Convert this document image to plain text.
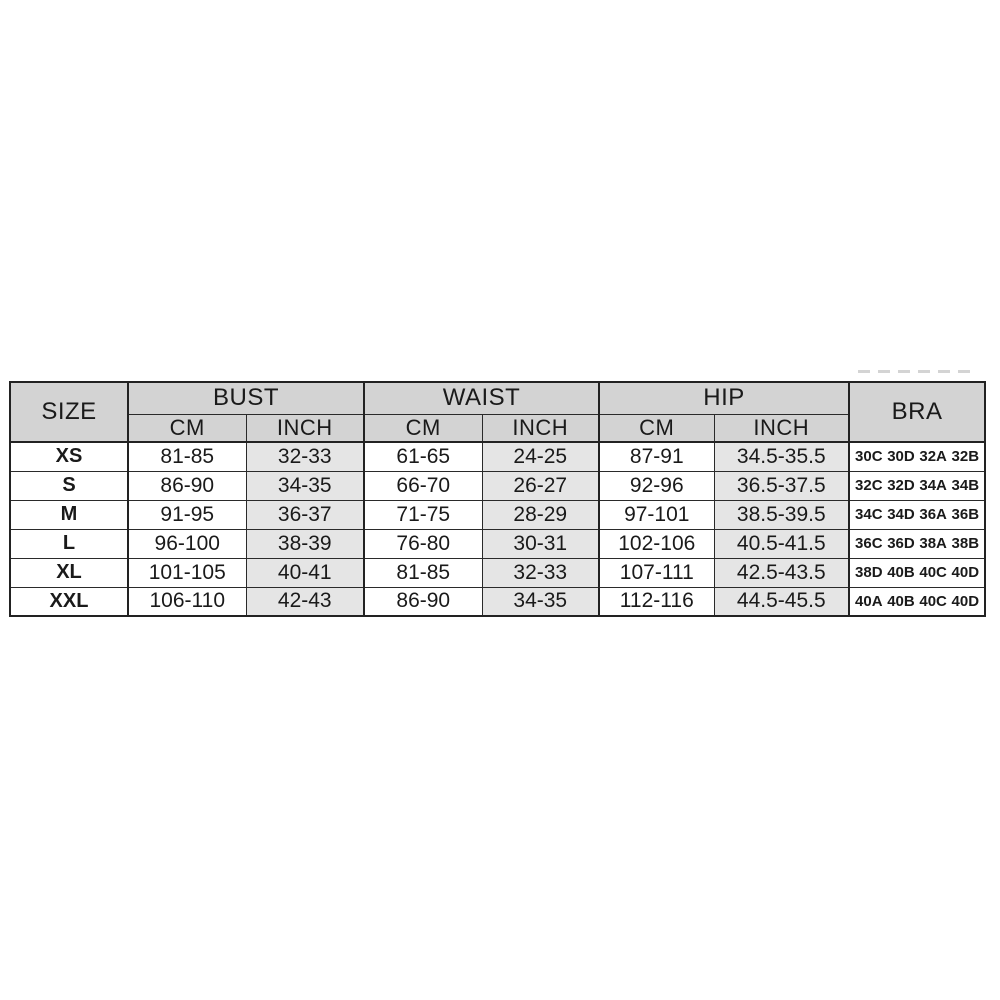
SIZE	BUST		WAIST		HIP		BRA
	CM	INCH	CM	INCH	CM	INCH	
XS	81-85	32-33	61-65	24-25	87-91	34.5-35.5	30C 30D 32A 32B

S	86-90	34-35	66-70	26-27	92-96	36.5-37.5	32C 32D 34A 34B

M	91-95	36-37	71-75	28-29	97-101	38.5-39.5	34C 34D 36A 36B

L	96-100	38-39	76-80	30-31	102-106	40.5-41.5	36C 36D 38A 38B

XL	101-105	40-41	81-85	32-33	107-111	42.5-43.5	38D 40B 40C 40D

XXL	106-110	42-43	86-90	34-35	112-116	44.5-45.5	40A 40B 40C 40D
